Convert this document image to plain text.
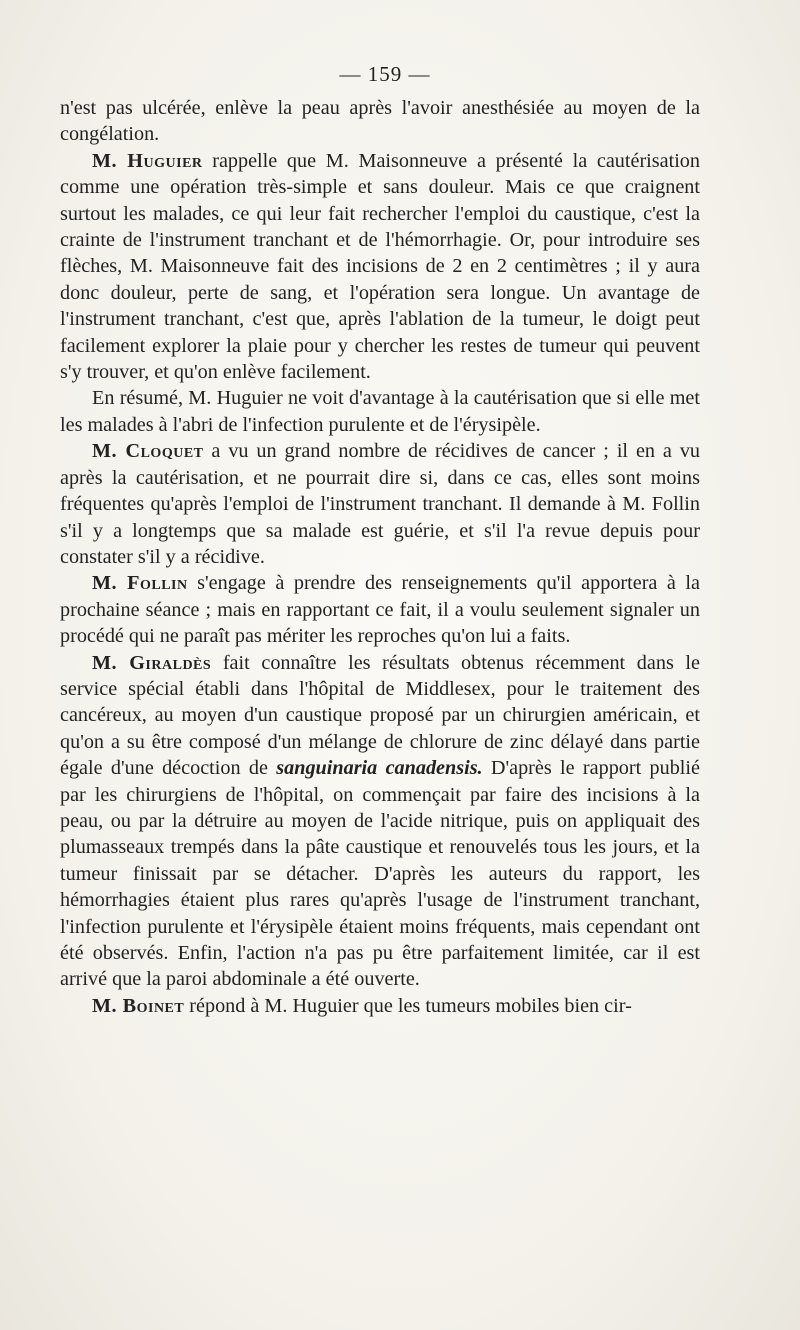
— 159 —

n'est pas ulcérée, enlève la peau après l'avoir anesthésiée au moyen de la congélation.

M. Huguier rappelle que M. Maisonneuve a présenté la cautérisation comme une opération très-simple et sans douleur. Mais ce que craignent surtout les malades, ce qui leur fait rechercher l'emploi du caustique, c'est la crainte de l'instrument tranchant et de l'hémorrhagie. Or, pour introduire ses flèches, M. Maisonneuve fait des incisions de 2 en 2 centimètres ; il y aura donc douleur, perte de sang, et l'opération sera longue. Un avantage de l'instrument tranchant, c'est que, après l'ablation de la tumeur, le doigt peut facilement explorer la plaie pour y chercher les restes de tumeur qui peuvent s'y trouver, et qu'on enlève facilement.

En résumé, M. Huguier ne voit d'avantage à la cautérisation que si elle met les malades à l'abri de l'infection purulente et de l'érysipèle.

M. Cloquet a vu un grand nombre de récidives de cancer ; il en a vu après la cautérisation, et ne pourrait dire si, dans ce cas, elles sont moins fréquentes qu'après l'emploi de l'instrument tranchant. Il demande à M. Follin s'il y a longtemps que sa malade est guérie, et s'il l'a revue depuis pour constater s'il y a récidive.

M. Follin s'engage à prendre des renseignements qu'il apportera à la prochaine séance ; mais en rapportant ce fait, il a voulu seulement signaler un procédé qui ne paraît pas mériter les reproches qu'on lui a faits.

M. Giraldès fait connaître les résultats obtenus récemment dans le service spécial établi dans l'hôpital de Middlesex, pour le traitement des cancéreux, au moyen d'un caustique proposé par un chirurgien américain, et qu'on a su être composé d'un mélange de chlorure de zinc délayé dans partie égale d'une décoction de sanguinaria canadensis. D'après le rapport publié par les chirurgiens de l'hôpital, on commençait par faire des incisions à la peau, ou par la détruire au moyen de l'acide nitrique, puis on appliquait des plumasseaux trempés dans la pâte caustique et renouvelés tous les jours, et la tumeur finissait par se détacher. D'après les auteurs du rapport, les hémorrhagies étaient plus rares qu'après l'usage de l'instrument tranchant, l'infection purulente et l'érysipèle étaient moins fréquents, mais cependant ont été observés. Enfin, l'action n'a pas pu être parfaitement limitée, car il est arrivé que la paroi abdominale a été ouverte.

M. Boinet répond à M. Huguier que les tumeurs mobiles bien cir-
